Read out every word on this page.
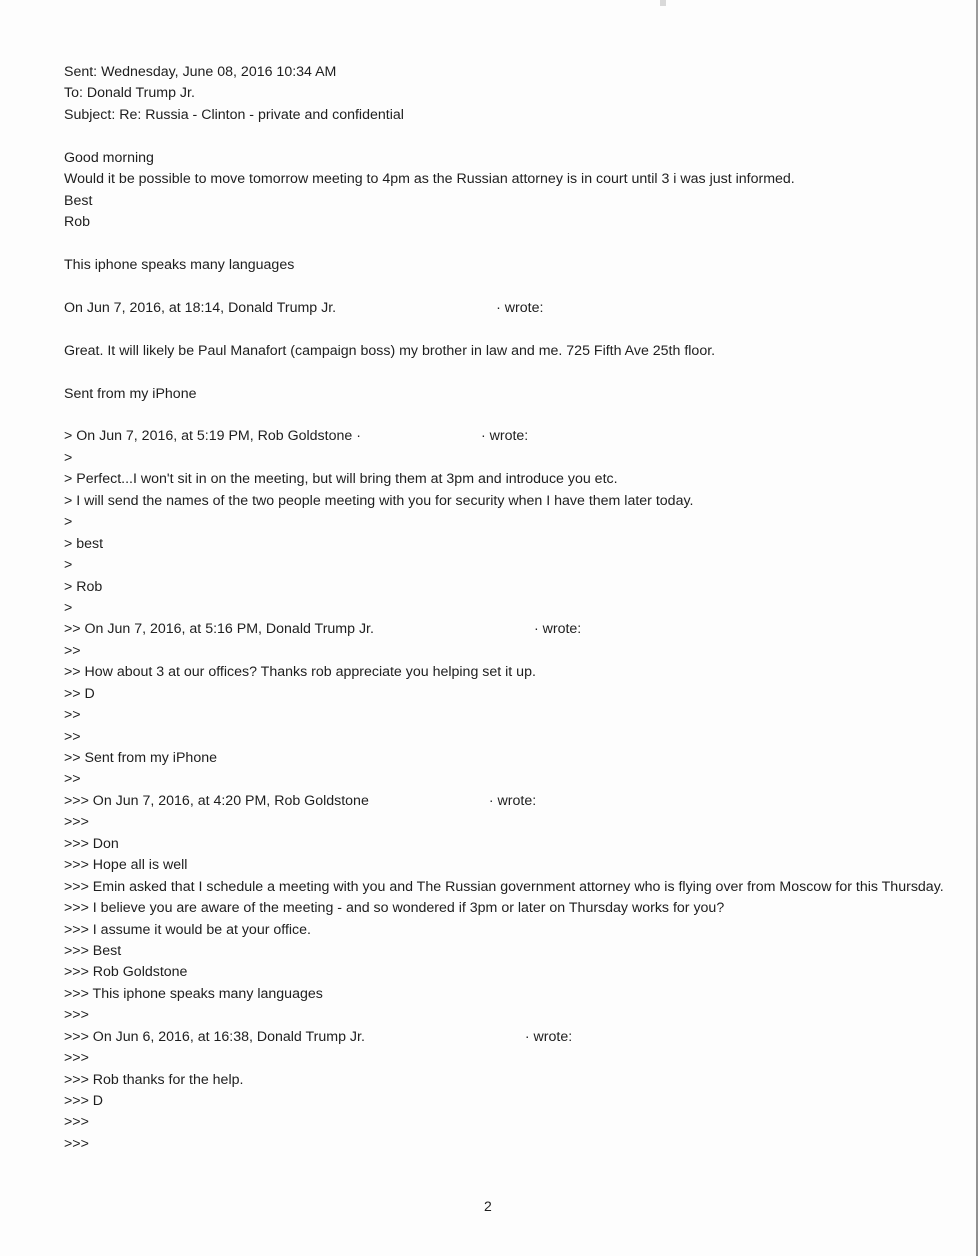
Sent: Wednesday, June 08, 2016 10:34 AM
To: Donald Trump Jr.
Subject: Re: Russia - Clinton - private and confidential
Good morning
Would it be possible to move tomorrow meeting to 4pm as the Russian attorney is in court until 3 i was just informed.
Best
Rob
This iphone speaks many languages
On Jun 7, 2016, at 18:14, Donald Trump Jr.	· wrote:
Great. It will likely be Paul Manafort (campaign boss) my brother in law and me. 725 Fifth Ave 25th floor.
Sent from my iPhone
> On Jun 7, 2016, at 5:19 PM, Rob Goldstone ·	· wrote:
>
> Perfect...I won't sit in on the meeting, but will bring them at 3pm and introduce you etc.
> I will send the names of the two people meeting with you for security when I have them later today.
>
> best
>
> Rob
>
>> On Jun 7, 2016, at 5:16 PM, Donald Trump Jr.	· wrote:
>>
>> How about 3 at our offices? Thanks rob appreciate you helping set it up.
>> D
>>
>>
>> Sent from my iPhone
>>
>>> On Jun 7, 2016, at 4:20 PM, Rob Goldstone	· wrote:
>>>
>>> Don
>>> Hope all is well
>>> Emin asked that I schedule a meeting with you and The Russian government attorney who is flying over from Moscow for this Thursday.
>>> I believe you are aware of the meeting - and so wondered if 3pm or later on Thursday works for you?
>>> I assume it would be at your office.
>>> Best
>>> Rob Goldstone
>>> This iphone speaks many languages
>>>
>>> On Jun 6, 2016, at 16:38, Donald Trump Jr.	· wrote:
>>>
>>> Rob thanks for the help.
>>> D
>>>
>>>
2
